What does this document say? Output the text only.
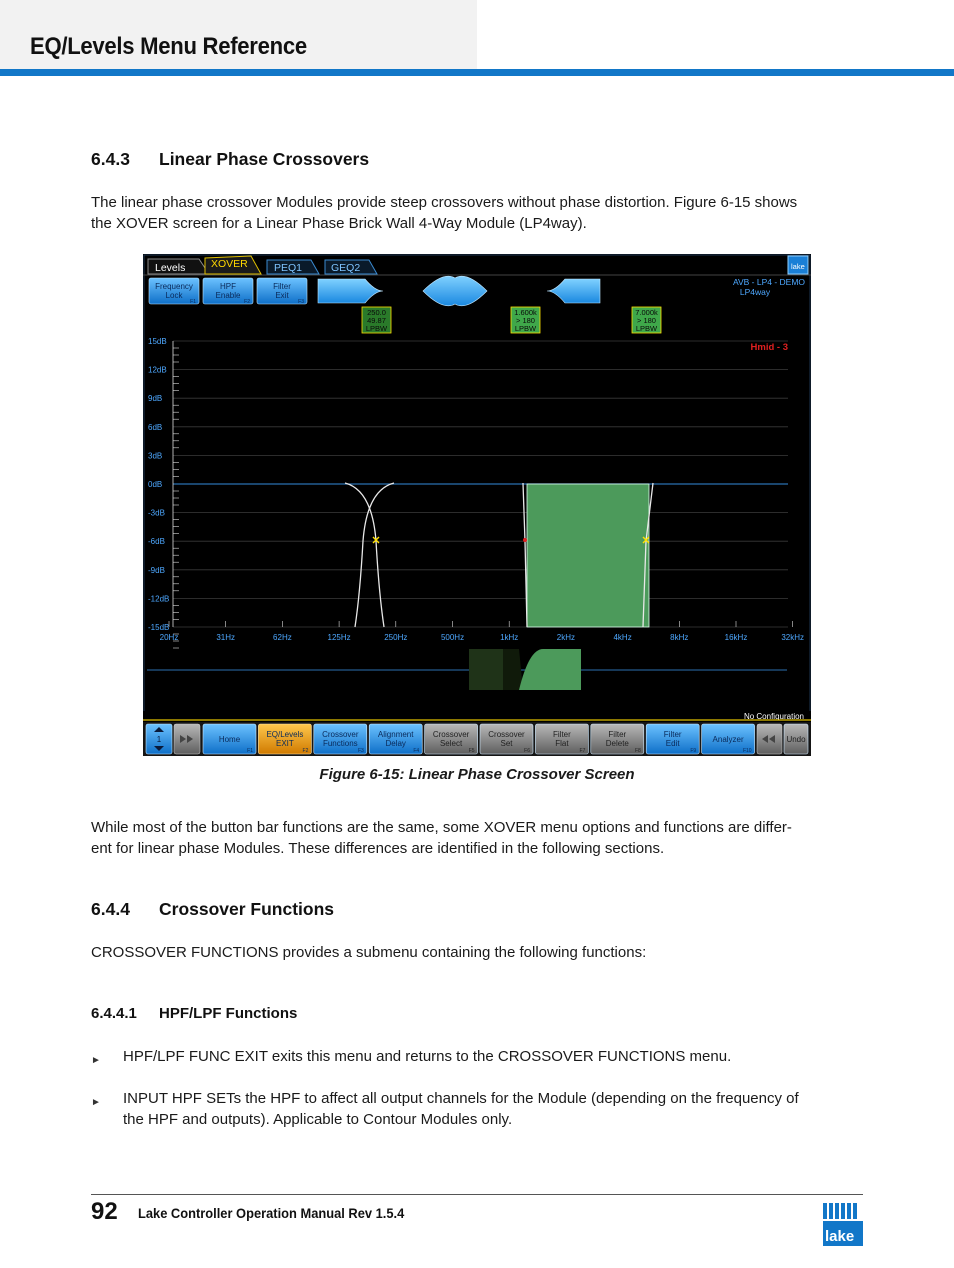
EQ/Levels Menu Reference
6.4.3 Linear Phase Crossovers
The linear phase crossover Modules provide steep crossovers without phase distortion. Figure 6-15 shows
the XOVER screen for a Linear Phase Brick Wall 4-Way Module (LP4way).
Levels XOVER PEQ1	GEQ2	lake
Frequency
Lock
F1
HPF
Enable
F2
Filter
Exit
F3
AVB - LP4 - DEMO
LP4way
250.0
49.87
LPBW
1.600k
> 180
LPBW
7.000k
> 180
LPBW
Hmid - 3
15dB
12dB
9dB
6dB
3dB
0dB
-3dB
-6dB
-9dB
-12dB
-15dB
20Hz	31Hz	62Hz	125Hz	250Hz	500Hz	1kHz	2kHz	4kHz	8kHz	16kHz	32kHz
No Configuration
1	Home
F1
EQ/Levels
EXIT
F2
Crossover
Functions
F3
Alignment
Delay
F4
Crossover
Select
F5
Crossover
Set
F6
Filter
Flat
F7
Filter
Delete
F8
Filter
Edit
F9
Analyzer
F10
Undo
Figure 6-15: Linear Phase Crossover Screen
While most of the button bar functions are the same, some XOVER menu options and functions are differ-
ent for linear phase Modules. These differences are identified in the following sections.
6.4.4 Crossover Functions
CROSSOVER FUNCTIONS provides a submenu containing the following functions:
6.4.4.1 HPF/LPF Functions
► HPF/LPF FUNC EXIT exits this menu and returns to the CROSSOVER FUNCTIONS menu.
► INPUT HPF SETs the HPF to affect all output channels for the Module (depending on the frequency of
the HPF and outputs). Applicable to Contour Modules only.
92 Lake Controller Operation Manual Rev 1.5.4
lake
